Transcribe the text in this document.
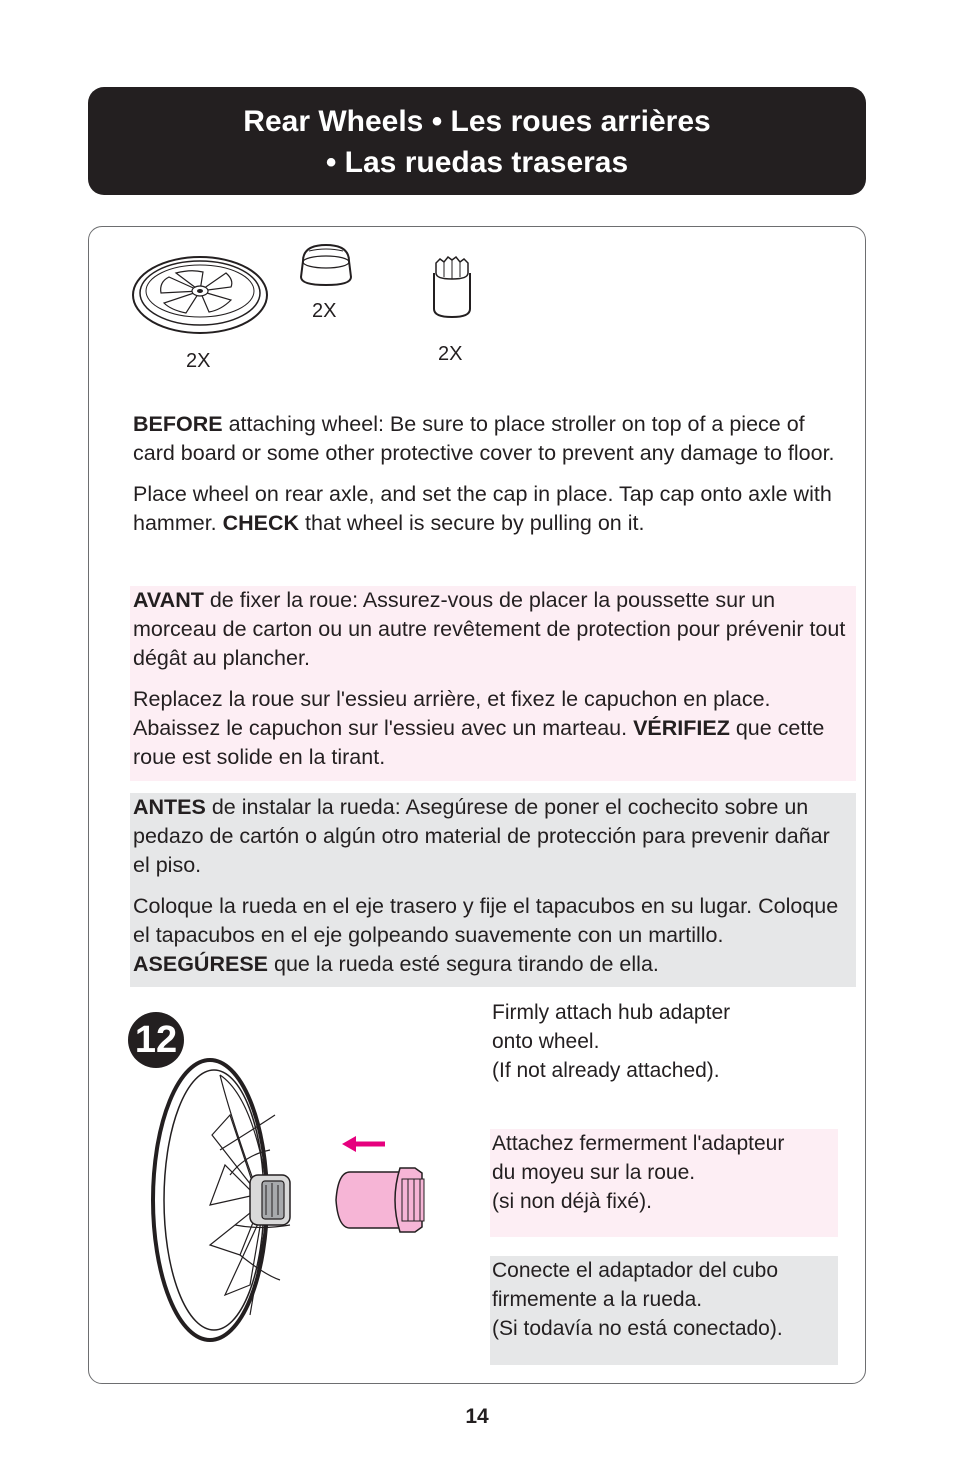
Rear Wheels • Les roues arrières
• Las ruedas traseras
2X
2X
2X

BEFORE attaching wheel: Be sure to place stroller on top of a piece of card board or some other protective cover to prevent any damage to floor.

Place wheel on rear axle, and set the cap in place. Tap cap onto axle with hammer. CHECK that wheel is secure by pulling on it.

AVANT de fixer la roue: Assurez-vous de placer la poussette sur un morceau de carton ou un autre revêtement de protection pour prévenir tout dégât au plancher.

Replacez la roue sur l'essieu arrière, et fixez le capuchon en place. Abaissez le capuchon sur l'essieu avec un marteau. VÉRIFIEZ que cette roue est solide en la tirant.

ANTES de instalar la rueda: Asegúrese de poner el cochecito sobre un pedazo de cartón o algún otro material de protección para prevenir dañar el piso.

Coloque la rueda en el eje trasero y fije el tapacubos en su lugar. Coloque el tapacubos en el eje golpeando suavemente con un martillo. ASEGÚRESE que la rueda esté segura tirando de ella.

12
Firmly attach hub adapter
onto wheel.
(If not already attached).
Attachez fermerment l'adapteur
du moyeu sur la roue.
(si non déjà fixé).
Conecte el adaptador del cubo
firmemente a la rueda.
(Si todavía no está conectado).
14
